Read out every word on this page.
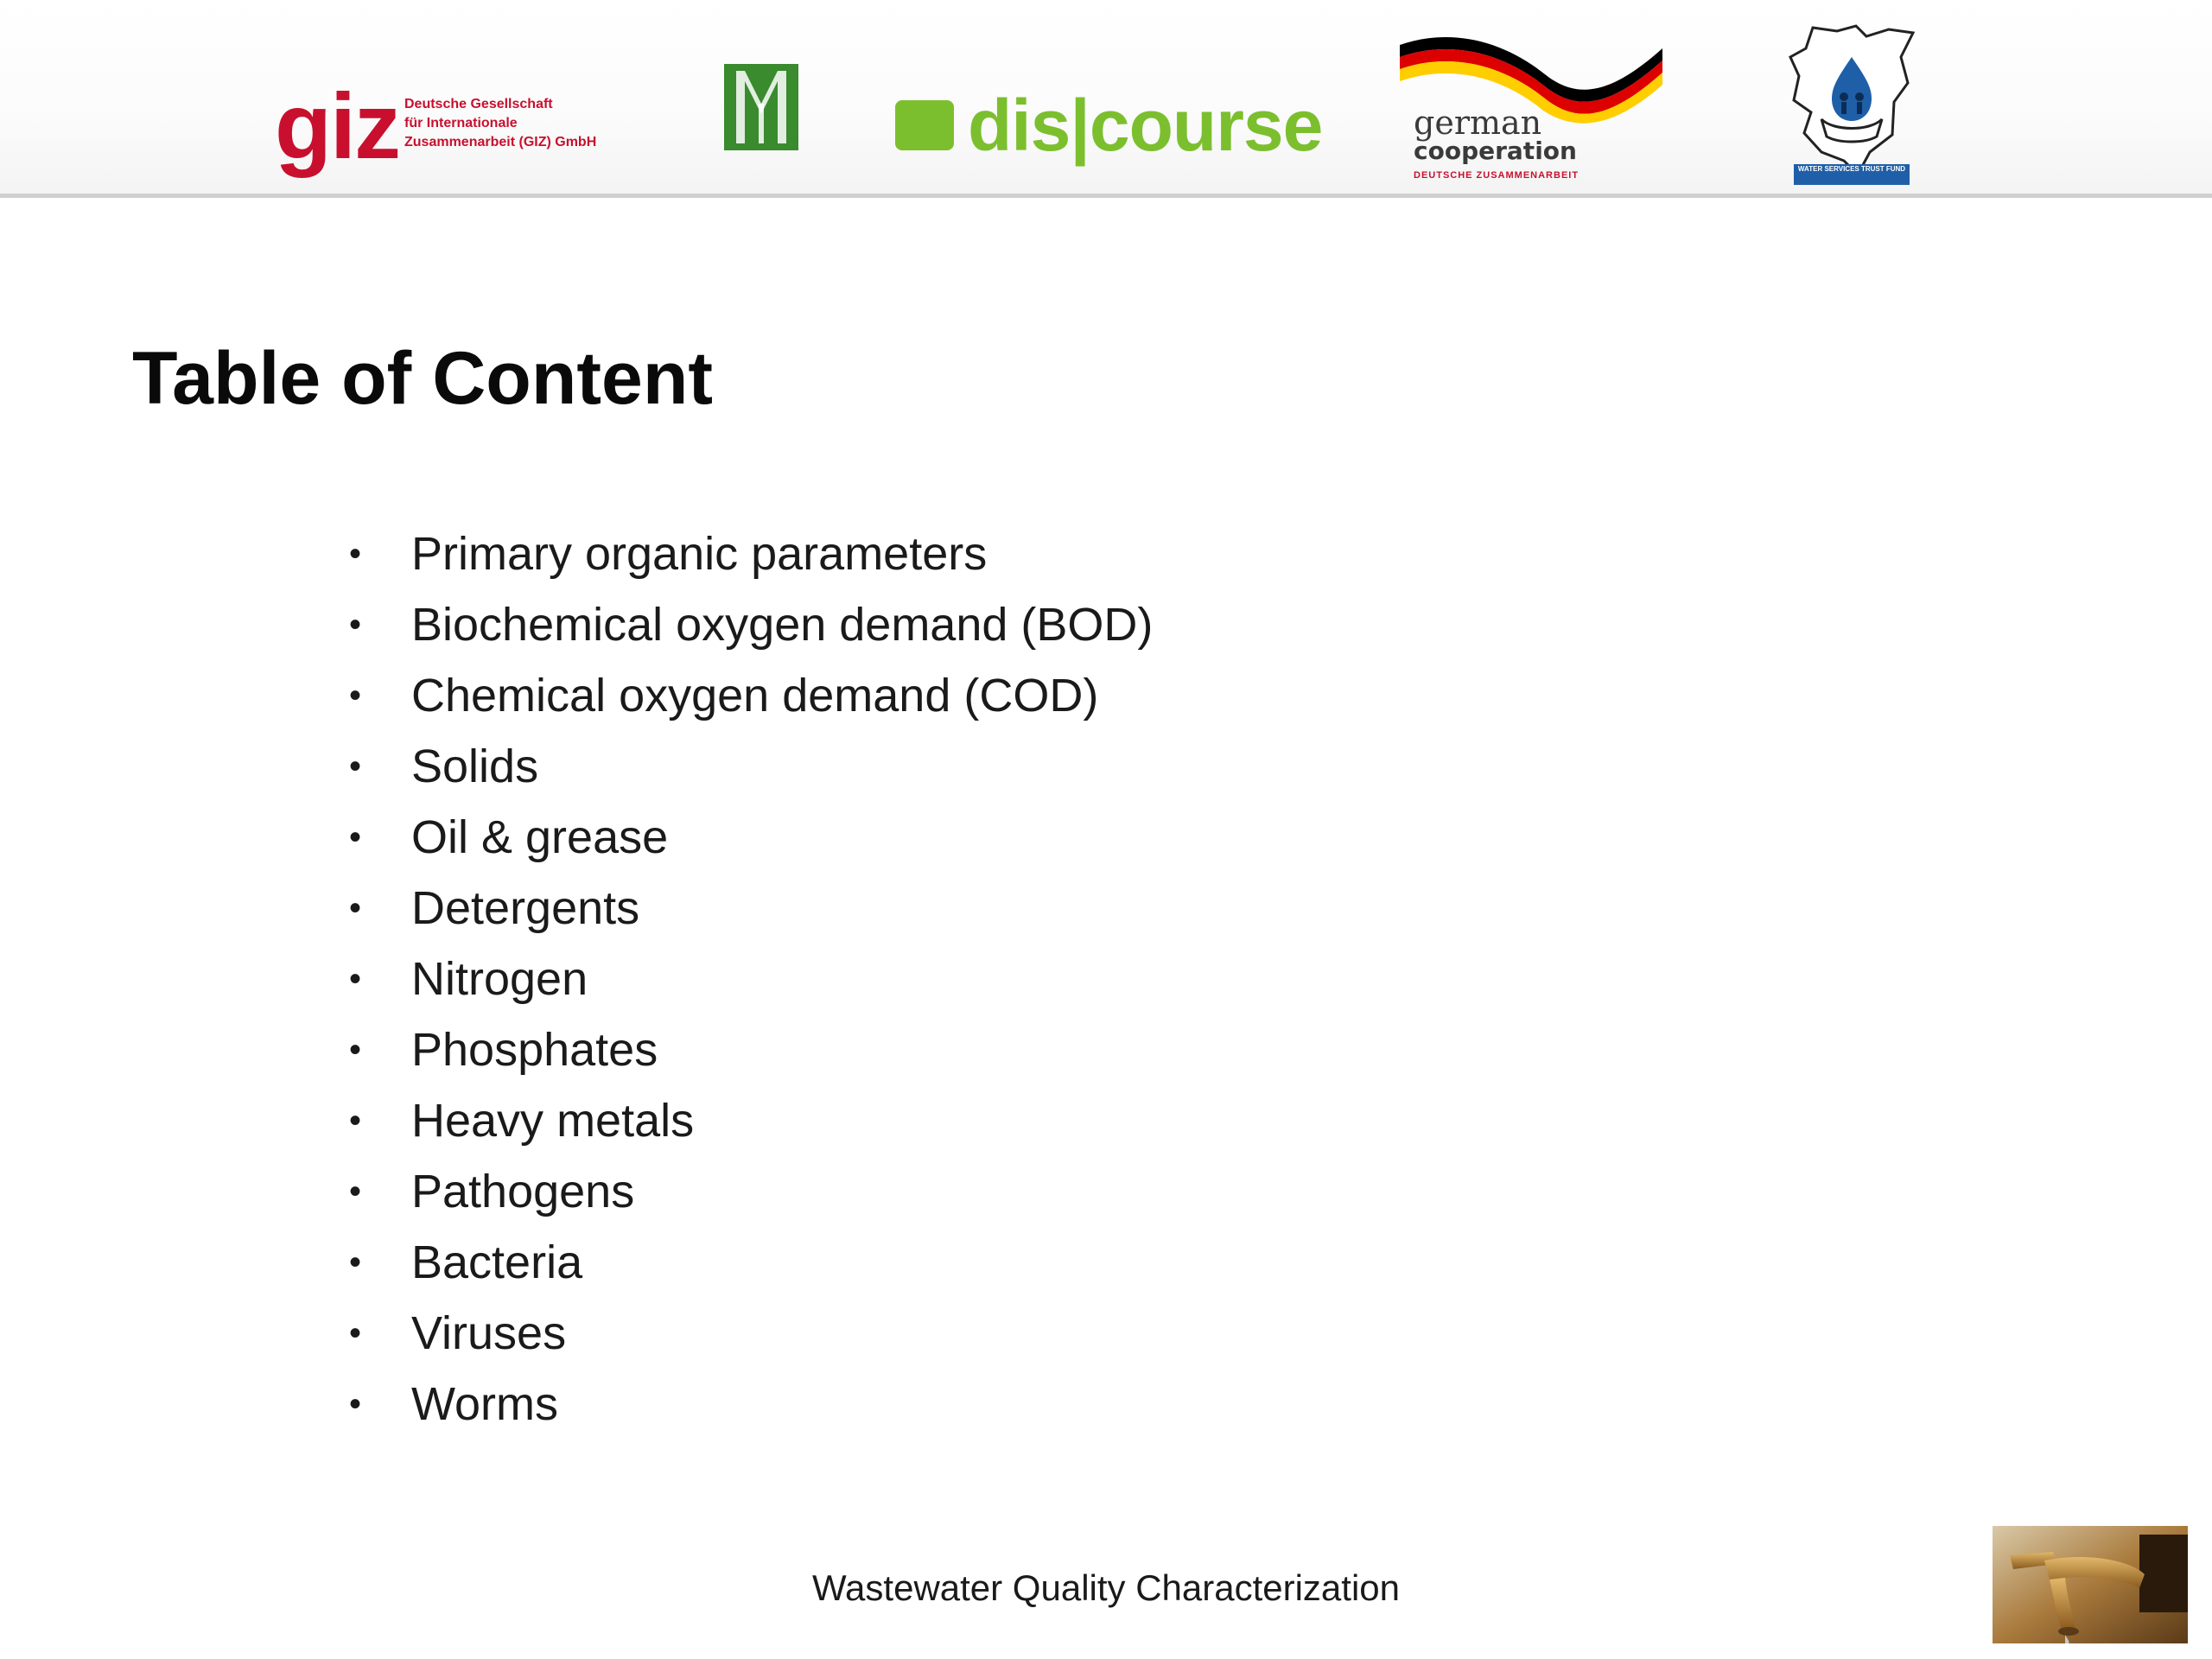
giz Deutsche Gesellschaft
für Internationale
Zusammenarbeit (GIZ) GmbH	dis|course	german
cooperation
DEUTSCHE ZUSAMMENARBEIT
WATER SERVICES TRUST FUND
Table of Content
• Primary organic parameters
• Biochemical oxygen demand (BOD)
• Chemical oxygen demand (COD)
• Solids
• Oil & grease
• Detergents
• Nitrogen
• Phosphates
• Heavy metals
• Pathogens
• Bacteria
• Viruses
• Worms
Wastewater Quality Characterization
